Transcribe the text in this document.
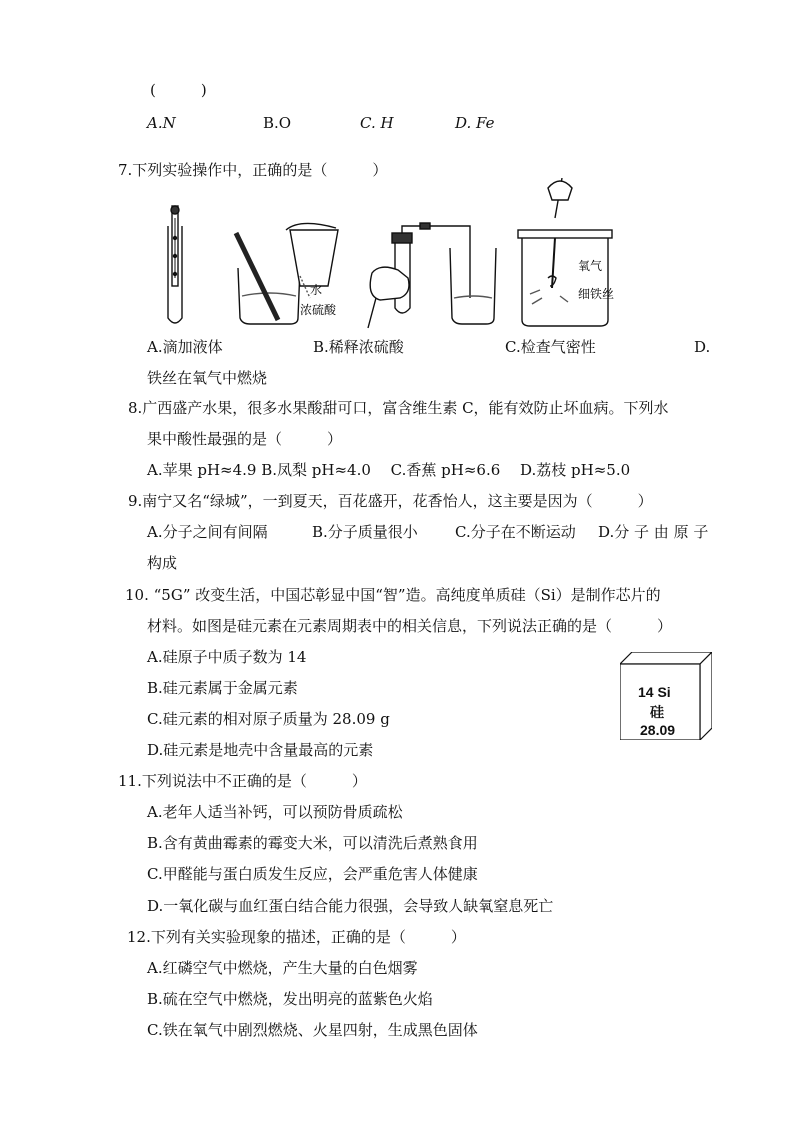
(　　　)
A.N	B.O	C. H	D. Fe
7.下列实验操作中，正确的是（　　　）
水
浓硫酸
氧气
细铁丝
A.滴加液体	B.稀释浓硫酸	C.检查气密性	D.
铁丝在氧气中燃烧
8.广西盛产水果，很多水果酸甜可口，富含维生素 C，能有效防止坏血病。下列水
果中酸性最强的是（　　　）
A.苹果 pH≈4.9 B.凤梨 pH≈4.0　 C.香蕉 pH≈6.6　 D.荔枝 pH≈5.0
9.南宁又名“绿城”，一到夏天，百花盛开，花香怡人，这主要是因为（　　　）
A.分子之间有间隔	B.分子质量很小 C.分子在不断运动 D.分 子 由 原 子
构成
10. “5G” 改变生活，中国芯彰显中国“智”造。高纯度单质硅（Si）是制作芯片的
材料。如图是硅元素在元素周期表中的相关信息，下列说法正确的是（　　　）
A.硅原子中质子数为 14
B.硅元素属于金属元素
C.硅元素的相对原子质量为 28.09 g
D.硅元素是地壳中含量最高的元素
14 Si
硅
28.09
11.下列说法中不正确的是（　　　）
A.老年人适当补钙，可以预防骨质疏松
B.含有黄曲霉素的霉变大米，可以清洗后煮熟食用
C.甲醛能与蛋白质发生反应，会严重危害人体健康
D.一氧化碳与血红蛋白结合能力很强，会导致人缺氧窒息死亡
12.下列有关实验现象的描述，正确的是（　　　）
A.红磷空气中燃烧，产生大量的白色烟雾
B.硫在空气中燃烧，发出明亮的蓝紫色火焰
C.铁在氧气中剧烈燃烧、火星四射，生成黑色固体
